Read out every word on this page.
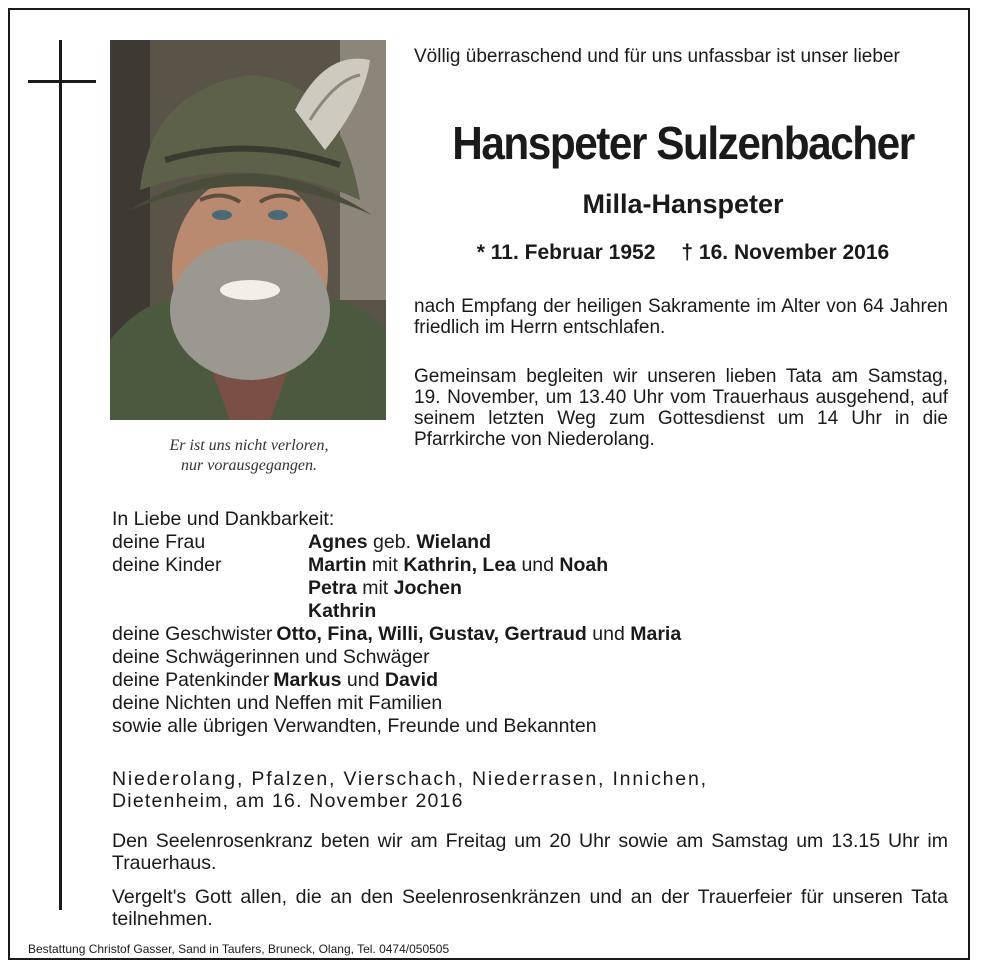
Er ist uns nicht verloren,
nur vorausgegangen.
Völlig überraschend und für uns unfassbar ist unser lieber
Hanspeter Sulzenbacher
Milla-Hanspeter
* 11. Februar 1952 † 16. November 2016
nach Empfang der heiligen Sakramente im Alter von 64 Jahren friedlich im Herrn entschlafen.
Gemeinsam begleiten wir unseren lieben Tata am Samstag, 19. November, um 13.40 Uhr vom Trauerhaus ausgehend, auf seinem letzten Weg zum Gottesdienst um 14 Uhr in die Pfarrkirche von Niederolang.
In Liebe und Dankbarkeit:
deine Frau	Agnes geb. Wieland
deine Kinder	Martin mit Kathrin, Lea und Noah
Petra mit Jochen
Kathrin
deine Geschwister Otto, Fina, Willi, Gustav, Gertraud und Maria
deine Schwägerinnen und Schwäger
deine Patenkinder Markus und David
deine Nichten und Neffen mit Familien
sowie alle übrigen Verwandten, Freunde und Bekannten
Niederolang, Pfalzen, Vierschach, Niederrasen, Innichen,
Dietenheim, am 16. November 2016
Den Seelenrosenkranz beten wir am Freitag um 20 Uhr sowie am Samstag um 13.15 Uhr im Trauerhaus.
Vergelt's Gott allen, die an den Seelenrosenkränzen und an der Trauerfeier für unseren Tata teilnehmen.
Bestattung Christof Gasser, Sand in Taufers, Bruneck, Olang, Tel. 0474/050505
